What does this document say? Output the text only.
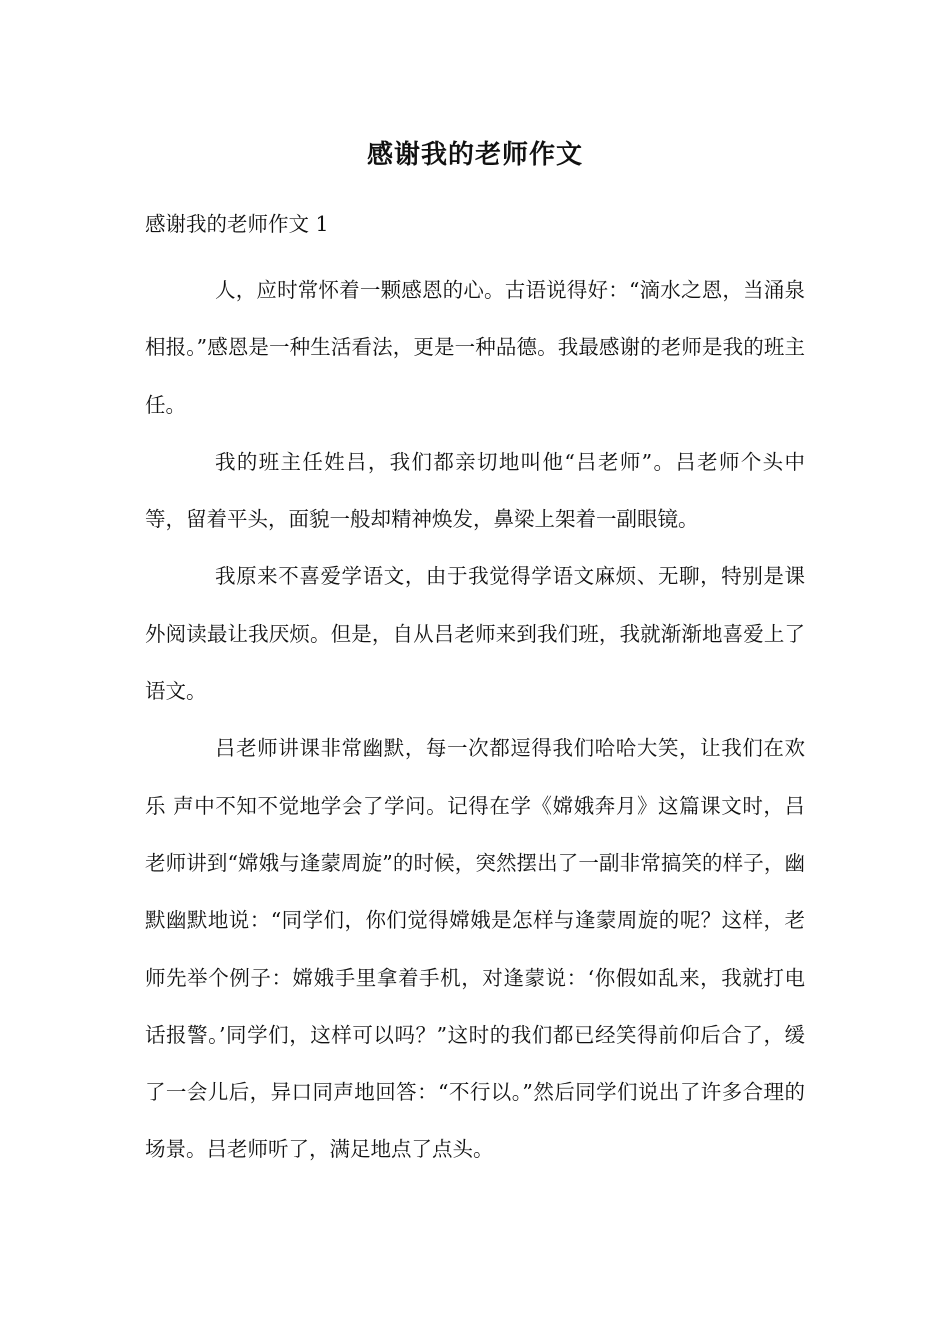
感谢我的老师作文
感谢我的老师作文 1

人，应时常怀着一颗感恩的心。古语说得好：“滴水之恩，当涌泉相报。”感恩是一种生活看法，更是一种品德。我最感谢的老师是我的班主任。

我的班主任姓吕，我们都亲切地叫他“吕老师”。吕老师个头中等，留着平头，面貌一般却精神焕发，鼻梁上架着一副眼镜。

我原来不喜爱学语文，由于我觉得学语文麻烦、无聊，特别是课外阅读最让我厌烦。但是，自从吕老师来到我们班，我就渐渐地喜爱上了语文。

吕老师讲课非常幽默，每一次都逗得我们哈哈大笑，让我们在欢乐 声中不知不觉地学会了学问。记得在学《嫦娥奔月》这篇课文时，吕老师讲到“嫦娥与逢蒙周旋”的时候，突然摆出了一副非常搞笑的样子，幽默幽默地说：“同学们，你们觉得嫦娥是怎样与逢蒙周旋的呢？这样，老师先举个例子：嫦娥手里拿着手机，对逢蒙说：‘你假如乱来，我就打电话报警。’同学们，这样可以吗？”这时的我们都已经笑得前仰后合了，缓了一会儿后，异口同声地回答：“不行以。”然后同学们说出了许多合理的场景。吕老师听了，满足地点了点头。
